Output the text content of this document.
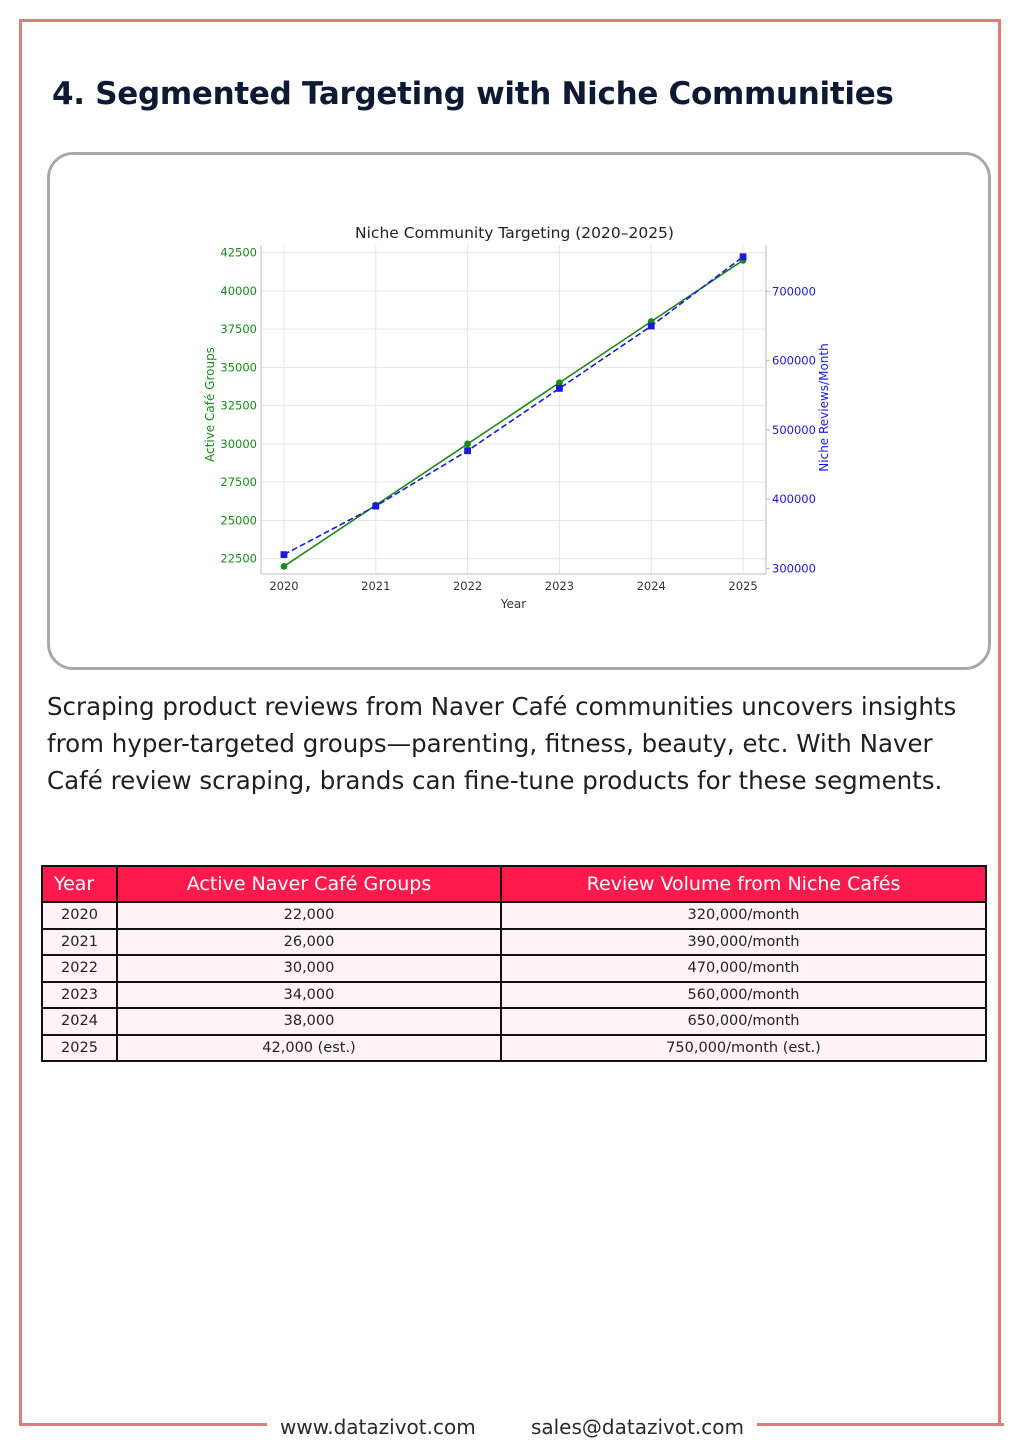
4. Segmented Targeting with Niche Communities
2020	2021	2022	2023	2024	2025
22500
25000
27500
30000
32500
35000
37500
40000
42500
300000
400000
500000
600000
700000
Niche Community Targeting (2020–2025)
Year
Active Café Groups	Niche Reviews/Month

Scraping product reviews from Naver Café communities uncovers insights from hyper-targeted groups—parenting, fitness, beauty, etc. With Naver Café review scraping, brands can fine-tune products for these segments.

Year	Active Naver Café Groups	Review Volume from Niche Cafés
2020	22,000	320,000/month
2021	26,000	390,000/month
2022	30,000	470,000/month
2023	34,000	560,000/month
2024	38,000	650,000/month
2025	42,000 (est.)	750,000/month (est.)
www.datazivot.com	sales@datazivot.com
